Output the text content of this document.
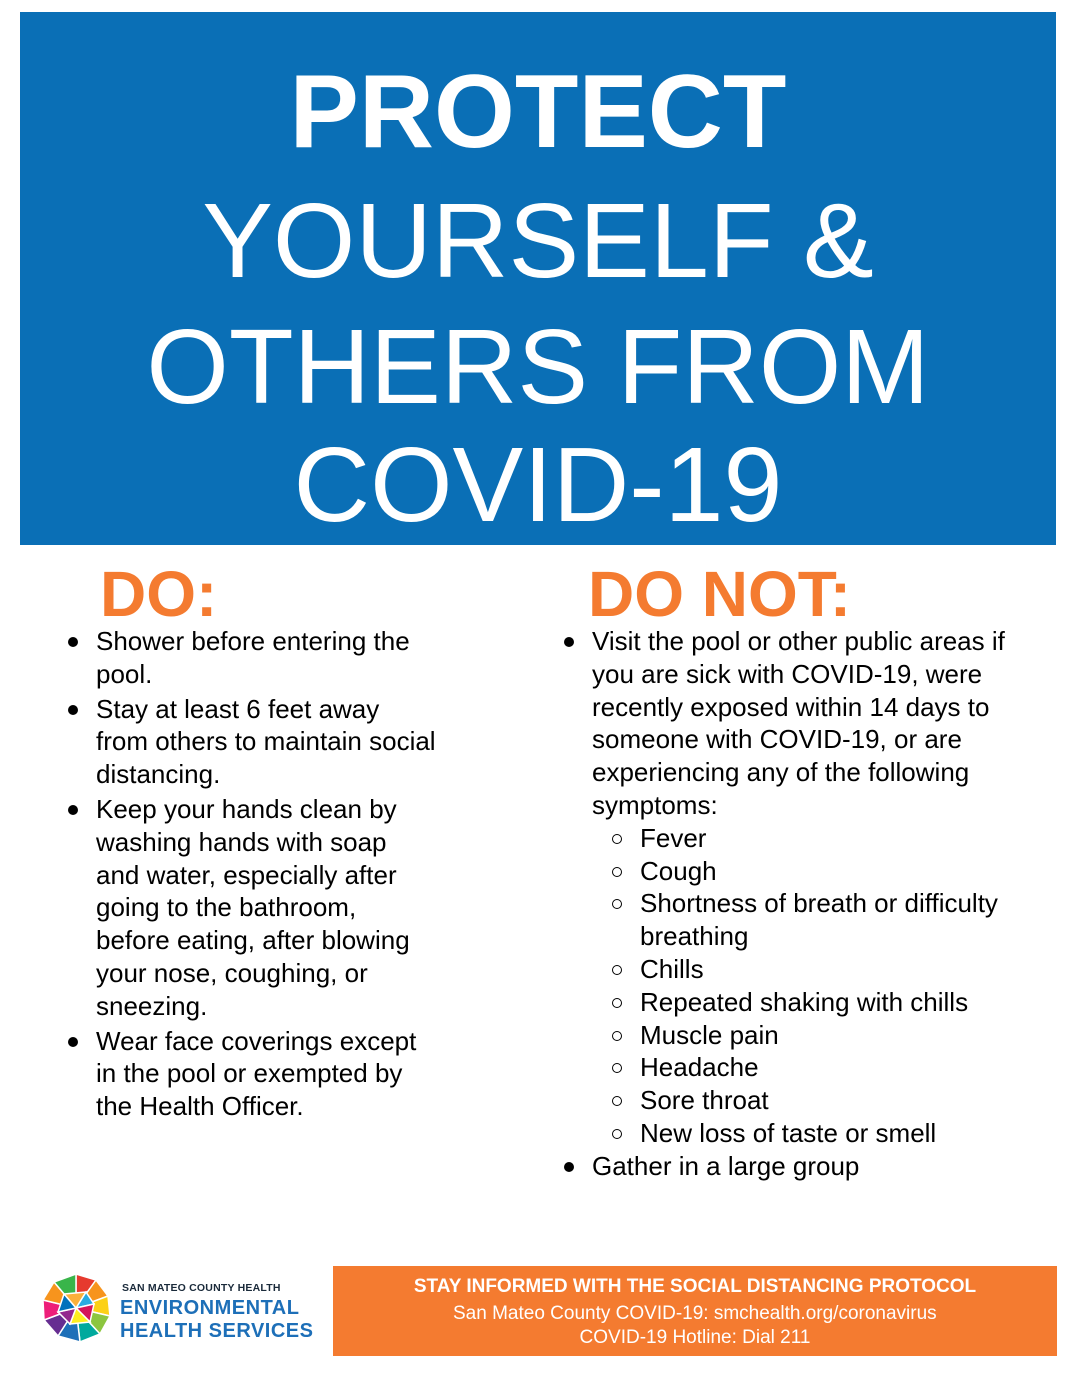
PROTECT
YOURSELF &
OTHERS FROM
COVID-19
DO:	DO NOT:
Shower before entering the pool.
Stay at least 6 feet away from others to maintain social distancing.
Keep your hands clean by washing hands with soap and water, especially after going to the bathroom, before eating, after blowing your nose, coughing, or sneezing.
Wear face coverings except in the pool or exempted by the Health Officer.
Visit the pool or other public areas if you are sick with COVID-19, were recently exposed within 14 days to someone with COVID-19, or are experiencing any of the following symptoms:
Fever
Cough
Shortness of breath or difficulty breathing
Chills
Repeated shaking with chills
Muscle pain
Headache
Sore throat
New loss of taste or smell
Gather in a large group
SAN MATEO COUNTY HEALTH
ENVIRONMENTAL
HEALTH SERVICES
STAY INFORMED WITH THE SOCIAL DISTANCING PROTOCOL
San Mateo County COVID-19: smchealth.org/coronavirus
COVID-19 Hotline: Dial 211
